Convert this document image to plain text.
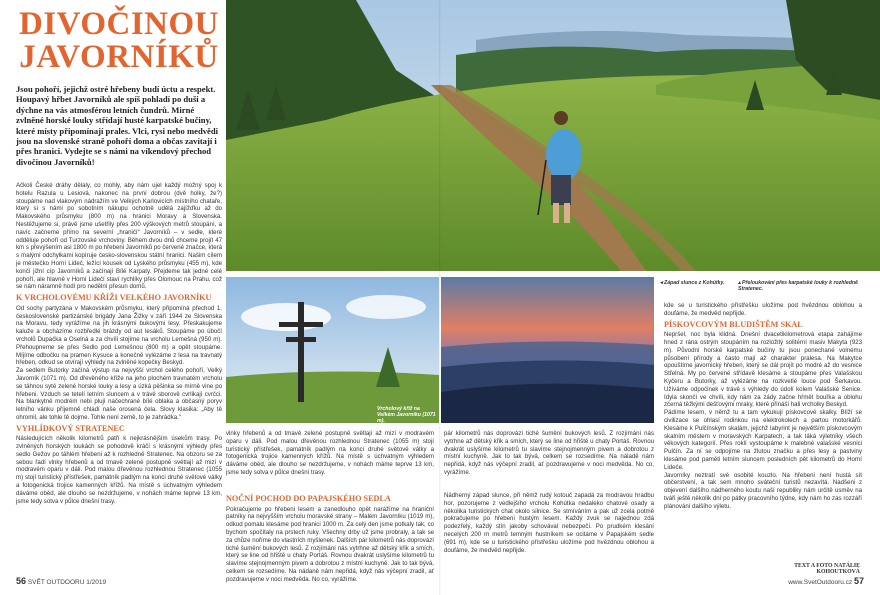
DIVOČINOU
JAVORNÍKŮ

Jsou pohoří, jejichž ostré hřebeny budí úctu a respekt. Houpavý hřbet Javorníků ale spíš pohladí po duši a dýchne na vás atmosférou letních čundrů. Mirné zvlněné horské louky střídají husté karpatské bučiny, které místy připomínají prales. Vlci, rysi nebo medvědi jsou na slovenské straně pohoří doma a občas zavítají i přes hranici. Vydejte se s námi na víkendový přechod divočinou Javorníků!

Ačkoli České dráhy dělaly, co mohly, aby nám ujel každý možný spoj k hotelu Razula u Lesiová, nakonec na první dobrou (dvě holky, že?) stoupáme nad vlakovým nádražím ve Velkých Karlovicích místního chataře, který si s námi po sobotním nákupu ochotně udělá zajížďku až do Makovského průsmyku (800 m) na hranici Moravy a Slovenska. Nestěžujeme si, právě jsme ušetřily přes 200 výškových metrů stoupání, a navíc začneme přímo na severní „hraničí“ Javorníků – v sedle, které odděluje pohoří od Turzovské vrchoviny. Během dvou dnů chceme projít 47 km s převýšením asi 1800 m po hřebeni Javorníků po červené značce, která s malými odchylkami kopíruje česko-slovenskou státní hranici. Našim cílem je městečko Horní Lideč, ležící kousek od Lyského průsmyku (455 m), kde končí jižní cíp Javorníků a začínají Bílé Karpaty. Přejdeme tak jedné celé pohoří, ale hlavně v Horní Lidečí staví rychlíky přes Olomouc na Prahu, což se nám náramně hodí pro nedělní přesun domů.

K VRCHOLOVÉMU KŘÍŽI VELKÉHO JAVORNÍKU

Od sochy partyzána v Makovském průsmyku, který připomíná přechod 1. československé partizánské brigády Jana Žižky v září 1944 ze Slovenska na Moravu, tedy vyrážíme na jih krásnými bukovými lesy. Přeskakujeme kaluže a obcházíme rozbředlé brázdy od aut lesáků. Stoupáme po úbočí vrcholů Dupačka a Oselná a za chvíli stojíme na vrcholu Lemešná (950 m). Přehoupneme se přes Sedlo pod Lemešnou (800 m) a opět stoupáme. Míjíme odbočku na pramen Kysuce a konečně vylézáme z lesa na travnatý hřeben, odkud se otvírají výhledy na zvlněné kopečky Beskyd.

Za sedlem Butorky začíná výstup na nejvyšší vrchol celého pohoří, Velký Javorník (1071 m). Od dřevěného kříže na jeho plochém travnatém vrcholu se táhnou syté zelené horské louky a lesy a úzká pěšinka se mírně vine po hřebeni. Vzduch se tetelí letním sluncem a v trávě sborově cvrlikají cvrčci. Na blankytně modrém nebi plují načechrané bílé oblaka a občasný poryv letního vánku příjemně chladí naše orosená čela. Slovy klasika: „Aby tě ohromil, ale tohle tě dojme. Tohle není země, to je zahrádka.“

VYHLÍDKOVÝ STRATENEC

Následujících několik kilometrů patří k nejkrásnějším úsekům trasy. Po zvlněných horských loukách se pohodově kráčí s krásnými výhledy přes sedlo Gežov po táhlém hřebeni až k rozhledně Stratenec. Na obzoru se za sebou řadí vlnky hřebenů a od tmavě zelené postupně světlají až mizí v modravém oparu v dáli. Pod malou dřevěnou rozhlednou Stratenec (1055 m) stojí turistický přístřešek, památník padlým na konci druhé světové války a fotogenická trojice kamenných křížů. Na místě s úchvatným výhledem dáváme oběd, ale dlouho se nezdržujeme, v nohách máme teprve 13 km, jsme tedy sotva v půlce dnešní trasy.

Vrcholový kříž na Velkém Javorníku (1071 m).
◂ Západ slunce z Kohútky.	▴ Přeloukování přes karpatské louky k rozhledně Stratenec.

vlnky hřebenů a od tmavě zelené postupně světlají až mizí v modravém oparu v dáli. Pod malou dřevěnou rozhlednou Stratenec (1055 m) stojí turistický přístřešek, památník padlým na konci druhé světové války a fotogenická trojice kamenných křížů. Na místě s úchvatným výhledem dáváme oběd, ale dlouho se nezdržujeme, v nohách máme teprve 13 km, jsme tedy sotva v půlce dnešní trasy.

NOČNÍ POCHOD DO PAPAJSKÉHO SEDLA

Pokračujeme po hřebeni lesem a zanedlouho opět narážíme na hraniční patníky na nejvyšším vrcholu moravské strany – Malém Javorníku (1019 m), odkud pomalu klesáme pod hranici 1000 m. Za celý den jsme potkaly tak, co bychom spočítaly na prstech ruky. Všechny drby už jsme probraly, a tak se za chůze noříme do vlastních myšlenek. Dalších pár kilometrů nás doprovází tiché šumění bukových lesů. Z rozjímání nás vytrhne až dětský křik a smích, který se line od hřiště u chaty Portáš. Rovnou dvakrát uslyšíme kilometrů tu slavíme stejnojmenným pivem a dobrotou z místní kuchyně. Jak to tak bývá, celkem se rozsedíme. Na nádaně nám nepřidá, když nás výčepní zradil, ať pozdravujeme v noci medvěda. No co, vyrážíme.

pár kilometrů nás doprovází tiché šumění bukových lesů. Z rozjímání nás vytrhne až dětský křik a smích, který se line od hřiště u chaty Portáš. Rovnou dvakrát uslyšíme kilometrů tu slavíme stejnojmenným pivem a dobrotou z místní kuchyně. Jak to tak bývá, celkem se rozsedíme. Na náladě nám nepřidá, když nás výčepní zradil, ať pozdravujeme v noci medvěda. No co, vyrážíme.

Nádherný západ slunce, při němž rudý kotouč zapadá za modravou hradbu hor, pozorujeme z vedlejšího vrcholu Kohútka nedaleko chatové osady a několika turistických chat okolo silnice. Se stmíváním a pak už zcela potmě pokračujeme po hřebeni hustým lesem. Každý zvuk se najednou zdá podezřelý, každý stín jakoby schovával nebezpečí. Po prudkém klesání necelých 200 m metrů temným hustníkem se ocitáme v Papajském sedle (691 m), kde se u turistického přístřešku uložíme pod hvězdnou oblohou a doufáme, že medvěd nepřijde.

kde se u turistického přístřešku uložíme pod hvězdnou oblohou a doufáme, že medvěd nepřijde.

PÍSKOVCOVÝM BLUDIŠTĚM SKAL

Nepršel, noc byla klidná. Dnešní dvacetikilometrová etapa zahájíme hned z rána ostrým stoupáním na rozložitý solitérní masiv Makyta (923 m). Původní horské karpatské bučiny tu jsou ponechané volnému působení přírody a často mají až charakter pralesa. Na Makytce opouštíme javornický hřeben, který se dál projít po modré až do vesnice Střelná. My po červené střídavě klesáme a stoupáme přes Valašskou Kyčeru a Butorky, až vylézáme na rozkvetlé louce pod Šerkavou. Užíváme odpočinek v trávě s výhledy do údolí kolem Valašské Senice. Idyla skončí ve chvíli, kdy nám za zády začne hřmět bouřka a oblohu zčerná těžkými dešťovými mraky, které přináší hali vrcholky Beskyd.

Pádíme lesem, v němž tu a tam vykukují pískovcové skalky. Blíží se civilizace se ohlasí rodinkou na elektrokolech a partou motorkářů. Klesáme k Pulčínským skalám, jejichž labyrint je největším pískovcovým skalním městem v moravských Karpatech, a tak láká výletníky všech věkových kategorií. Přes roklí vystoupáme k malebné valašské vesnici Pulčín. Za ní se odpojíme na žlutou značku a přes lesy a pastviny klesáme pod paměti letním sluncem posledních pět kilometrů do Horní Lideče.

Javorníky neztratí své osobité kouzlo. Na hřebeni není hustá sít občerstvení, a tak sem mnoho sváteční turistů nezavítá. Nadšeni z objevení dalšího nádherného koutu naší republiky nám určitě usměv na tváři ještě několik dní po pátky pracovního týdne, kdy nám ho zas rozzáří plánování dalšího výletu.

TEXT A FOTO NATÁLIE KOHOUTKOVÁ
56 SVĚT OUTDOORU 1/2019	www.SvetOutdooru.cz 57
